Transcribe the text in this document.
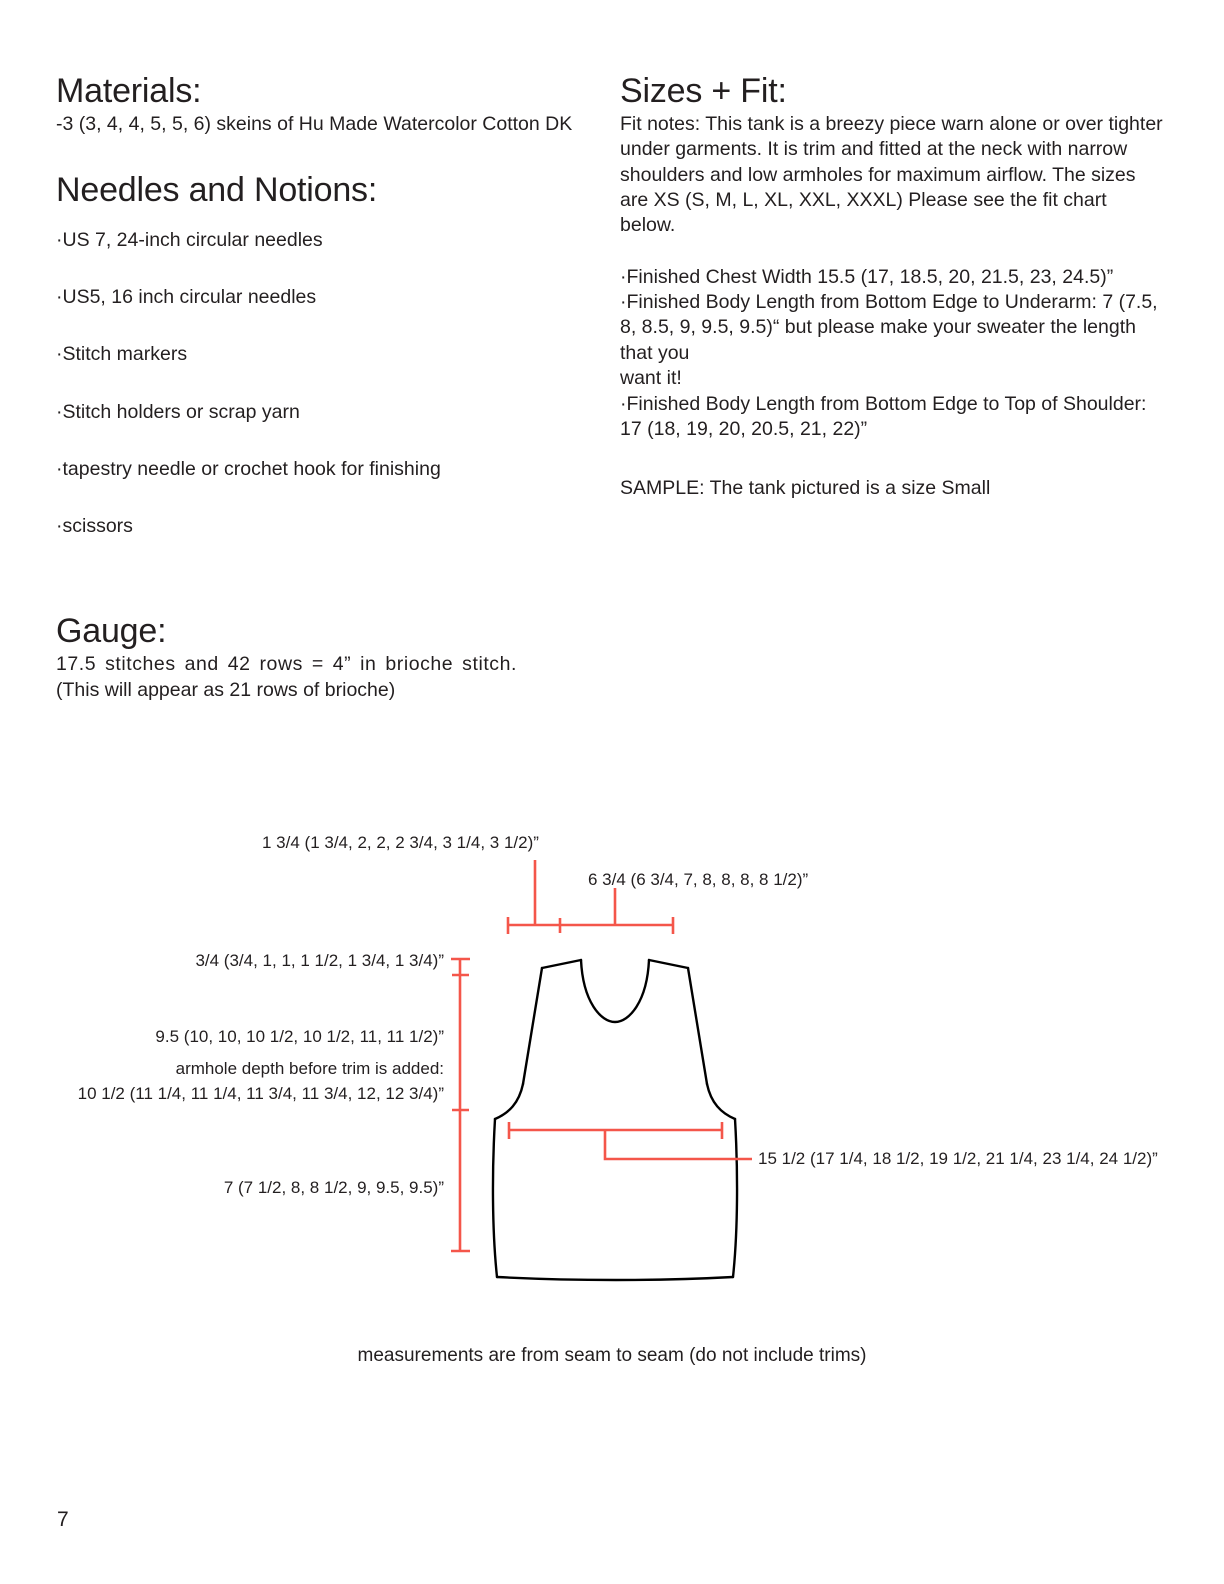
Materials:

-3 (3, 4, 4, 5, 5, 6) skeins of Hu Made Watercolor Cotton DK

Needles and Notions:

·US 7, 24-inch circular needles

·US5, 16 inch circular needles

·Stitch markers

·Stitch holders or scrap yarn

·tapestry needle or crochet hook for finishing

·scissors

Sizes + Fit:

Fit notes: This tank is a breezy piece warn alone or over tighter under garments. It is trim and fitted at the neck with narrow shoulders and low armholes for maximum airflow. The sizes are XS (S, M, L, XL, XXL, XXXL) Please see the fit chart below.

·Finished Chest Width 15.5 (17, 18.5, 20, 21.5, 23, 24.5)”

·Finished Body Length from Bottom Edge to Underarm: 7 (7.5, 8, 8.5, 9, 9.5, 9.5)“ but please make your sweater the length that you

want it!

·Finished Body Length from Bottom Edge to Top of Shoulder: 17 (18, 19, 20, 20.5, 21, 22)”

SAMPLE: The tank pictured is a size Small

Gauge:

17.5 stitches and 42 rows = 4” in brioche stitch.

(This will appear as 21 rows of brioche)

1 3/4 (1 3/4, 2, 2, 2 3/4, 3 1/4, 3 1/2)”
6 3/4 (6 3/4, 7, 8, 8, 8, 8 1/2)”
3/4 (3/4, 1, 1, 1 1/2, 1 3/4, 1 3/4)”
9.5 (10, 10, 10 1/2, 10 1/2, 11, 11 1/2)”
armhole depth before trim is added:
10 1/2 (11 1/4, 11 1/4, 11 3/4, 11 3/4, 12, 12 3/4)”
7 (7 1/2, 8, 8 1/2, 9, 9.5, 9.5)”
15 1/2 (17 1/4, 18 1/2, 19 1/2, 21 1/4, 23 1/4, 24 1/2)”
measurements are from seam to seam (do not include trims)
7
